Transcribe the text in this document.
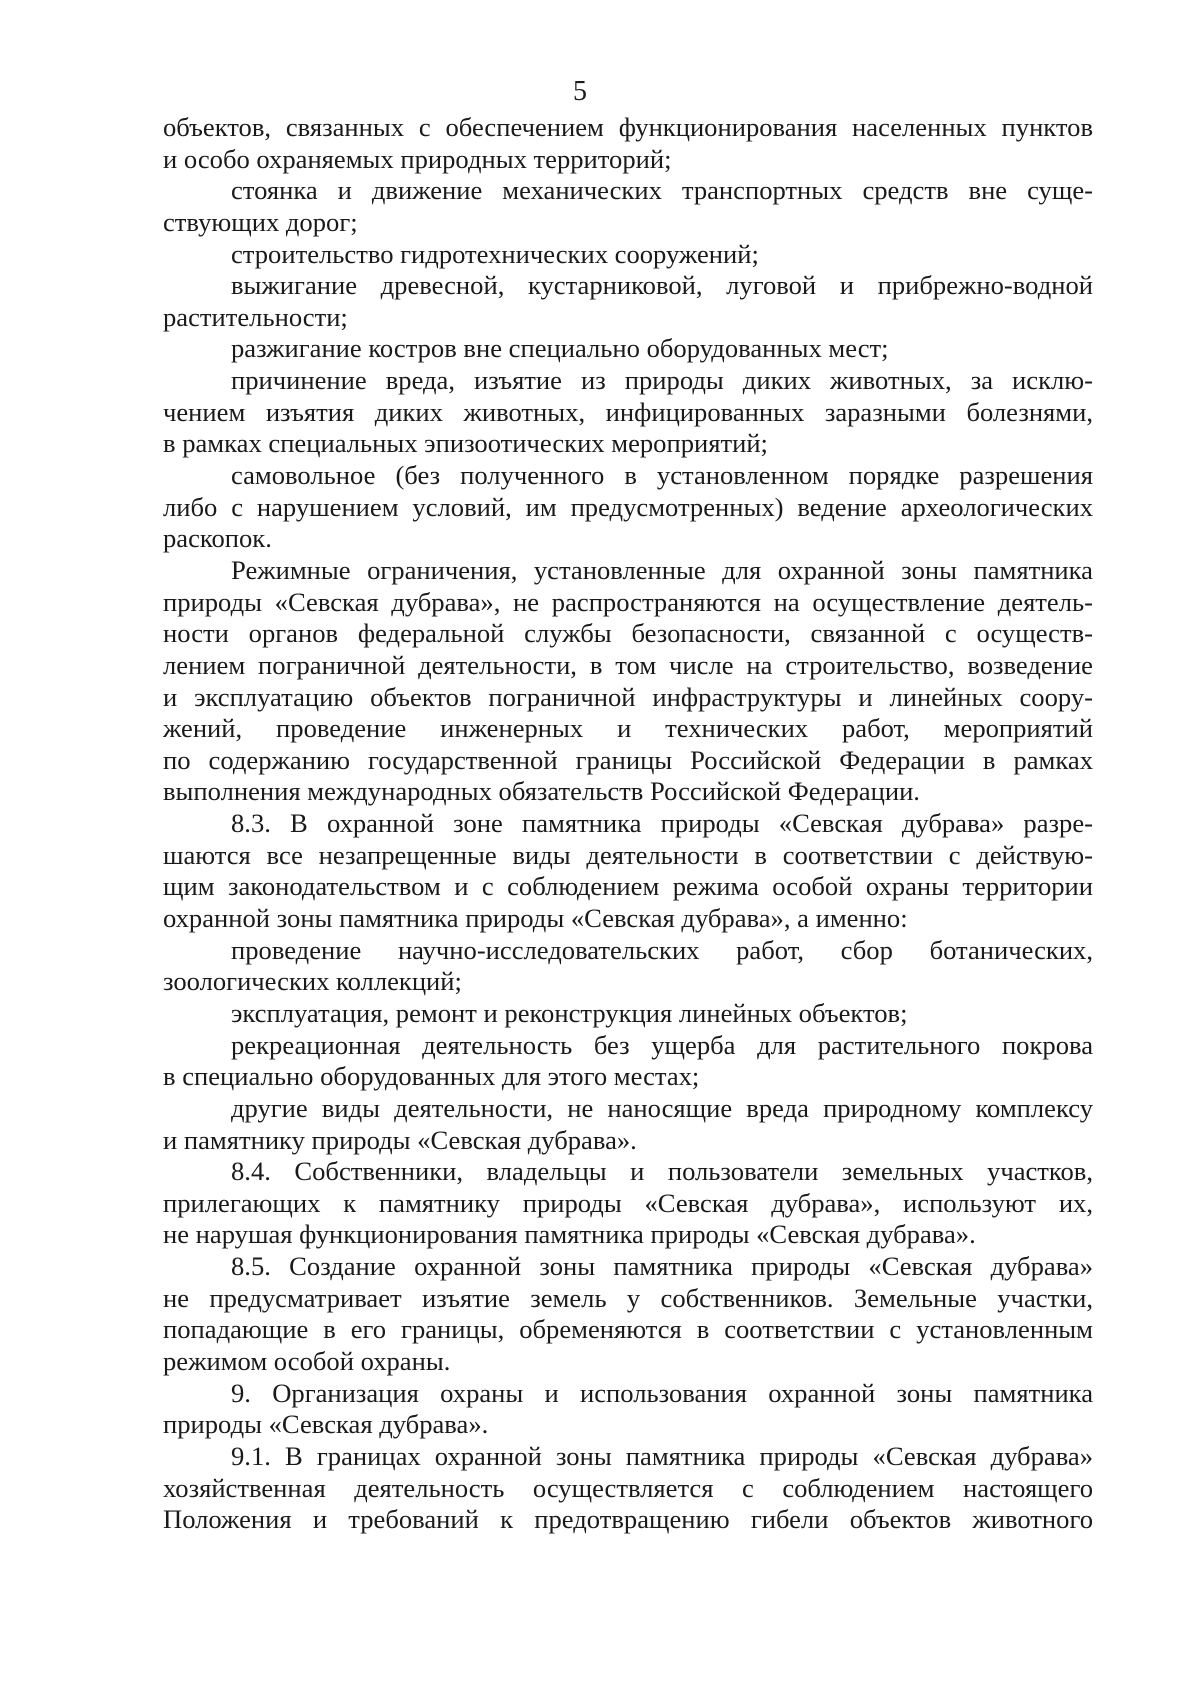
5
объектов, связанных с обеспечением функционирования населенных пунктов
и особо охраняемых природных территорий;
стоянка и движение механических транспортных средств вне суще-
ствующих дорог;
строительство гидротехнических сооружений;
выжигание древесной, кустарниковой, луговой и прибрежно-водной
растительности;
разжигание костров вне специально оборудованных мест;
причинение вреда, изъятие из природы диких животных, за исклю-
чением изъятия диких животных, инфицированных заразными болезнями,
в рамках специальных эпизоотических мероприятий;
самовольное (без полученного в установленном порядке разрешения
либо с нарушением условий, им предусмотренных) ведение археологических
раскопок.
Режимные ограничения, установленные для охранной зоны памятника
природы «Севская дубрава», не распространяются на осуществление деятель-
ности органов федеральной службы безопасности, связанной с осуществ-
лением пограничной деятельности, в том числе на строительство, возведение
и эксплуатацию объектов пограничной инфраструктуры и линейных соору-
жений, проведение инженерных и технических работ, мероприятий
по содержанию государственной границы Российской Федерации в рамках
выполнения международных обязательств Российской Федерации.
8.3. В охранной зоне памятника природы «Севская дубрава» разре-
шаются все незапрещенные виды деятельности в соответствии с действую-
щим законодательством и с соблюдением режима особой охраны территории
охранной зоны памятника природы «Севская дубрава», а именно:
проведение научно-исследовательских работ, сбор ботанических,
зоологических коллекций;
эксплуатация, ремонт и реконструкция линейных объектов;
рекреационная деятельность без ущерба для растительного покрова
в специально оборудованных для этого местах;
другие виды деятельности, не наносящие вреда природному комплексу
и памятнику природы «Севская дубрава».
8.4. Собственники, владельцы и пользователи земельных участков,
прилегающих к памятнику природы «Севская дубрава», используют их,
не нарушая функционирования памятника природы «Севская дубрава».
8.5. Создание охранной зоны памятника природы «Севская дубрава»
не предусматривает изъятие земель у собственников. Земельные участки,
попадающие в его границы, обременяются в соответствии с установленным
режимом особой охраны.
9. Организация охраны и использования охранной зоны памятника
природы «Севская дубрава».
9.1. В границах охранной зоны памятника природы «Севская дубрава»
хозяйственная деятельность осуществляется с соблюдением настоящего
Положения и требований к предотвращению гибели объектов животного
